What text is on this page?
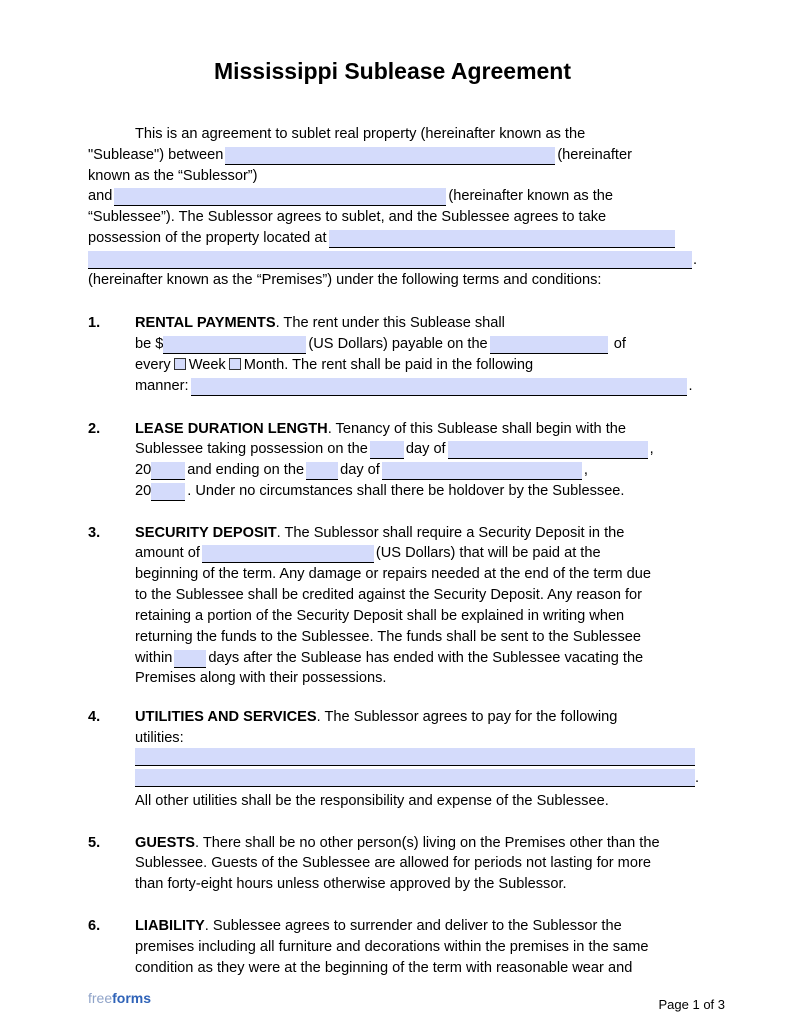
Mississippi Sublease Agreement
This is an agreement to sublet real property (hereinafter known as the
"Sublease") between	(hereinafter
known as the “Sublessor”)
and	(hereinafter known as the
“Sublessee”). The Sublessor agrees to sublet, and the Sublessee agrees to take
possession of the property located at
.
(hereinafter known as the “Premises”) under the following terms and conditions:
1. RENTAL PAYMENTS. The rent under this Sublease shall
be $	(US Dollars) payable on the	of
every Week Month. The rent shall be paid in the following
manner:	.
2. LEASE DURATION LENGTH. Tenancy of this Sublease shall begin with the
Sublessee taking possession on the	day of	,
20 and ending on the day of	,
20 . Under no circumstances shall there be holdover by the Sublessee.
3. SECURITY DEPOSIT. The Sublessor shall require a Security Deposit in the
amount of	(US Dollars) that will be paid at the
beginning of the term. Any damage or repairs needed at the end of the term due
to the Sublessee shall be credited against the Security Deposit. Any reason for
retaining a portion of the Security Deposit shall be explained in writing when
returning the funds to the Sublessee. The funds shall be sent to the Sublessee
within days after the Sublease has ended with the Sublessee vacating the
Premises along with their possessions.
4. UTILITIES AND SERVICES. The Sublessor agrees to pay for the following
utilities:
.
All other utilities shall be the responsibility and expense of the Sublessee.
5. GUESTS. There shall be no other person(s) living on the Premises other than the
Sublessee. Guests of the Sublessee are allowed for periods not lasting for more
than forty-eight hours unless otherwise approved by the Sublessor.
6. LIABILITY. Sublessee agrees to surrender and deliver to the Sublessor the
premises including all furniture and decorations within the premises in the same
condition as they were at the beginning of the term with reasonable wear and
freeforms	Page 1 of 3
